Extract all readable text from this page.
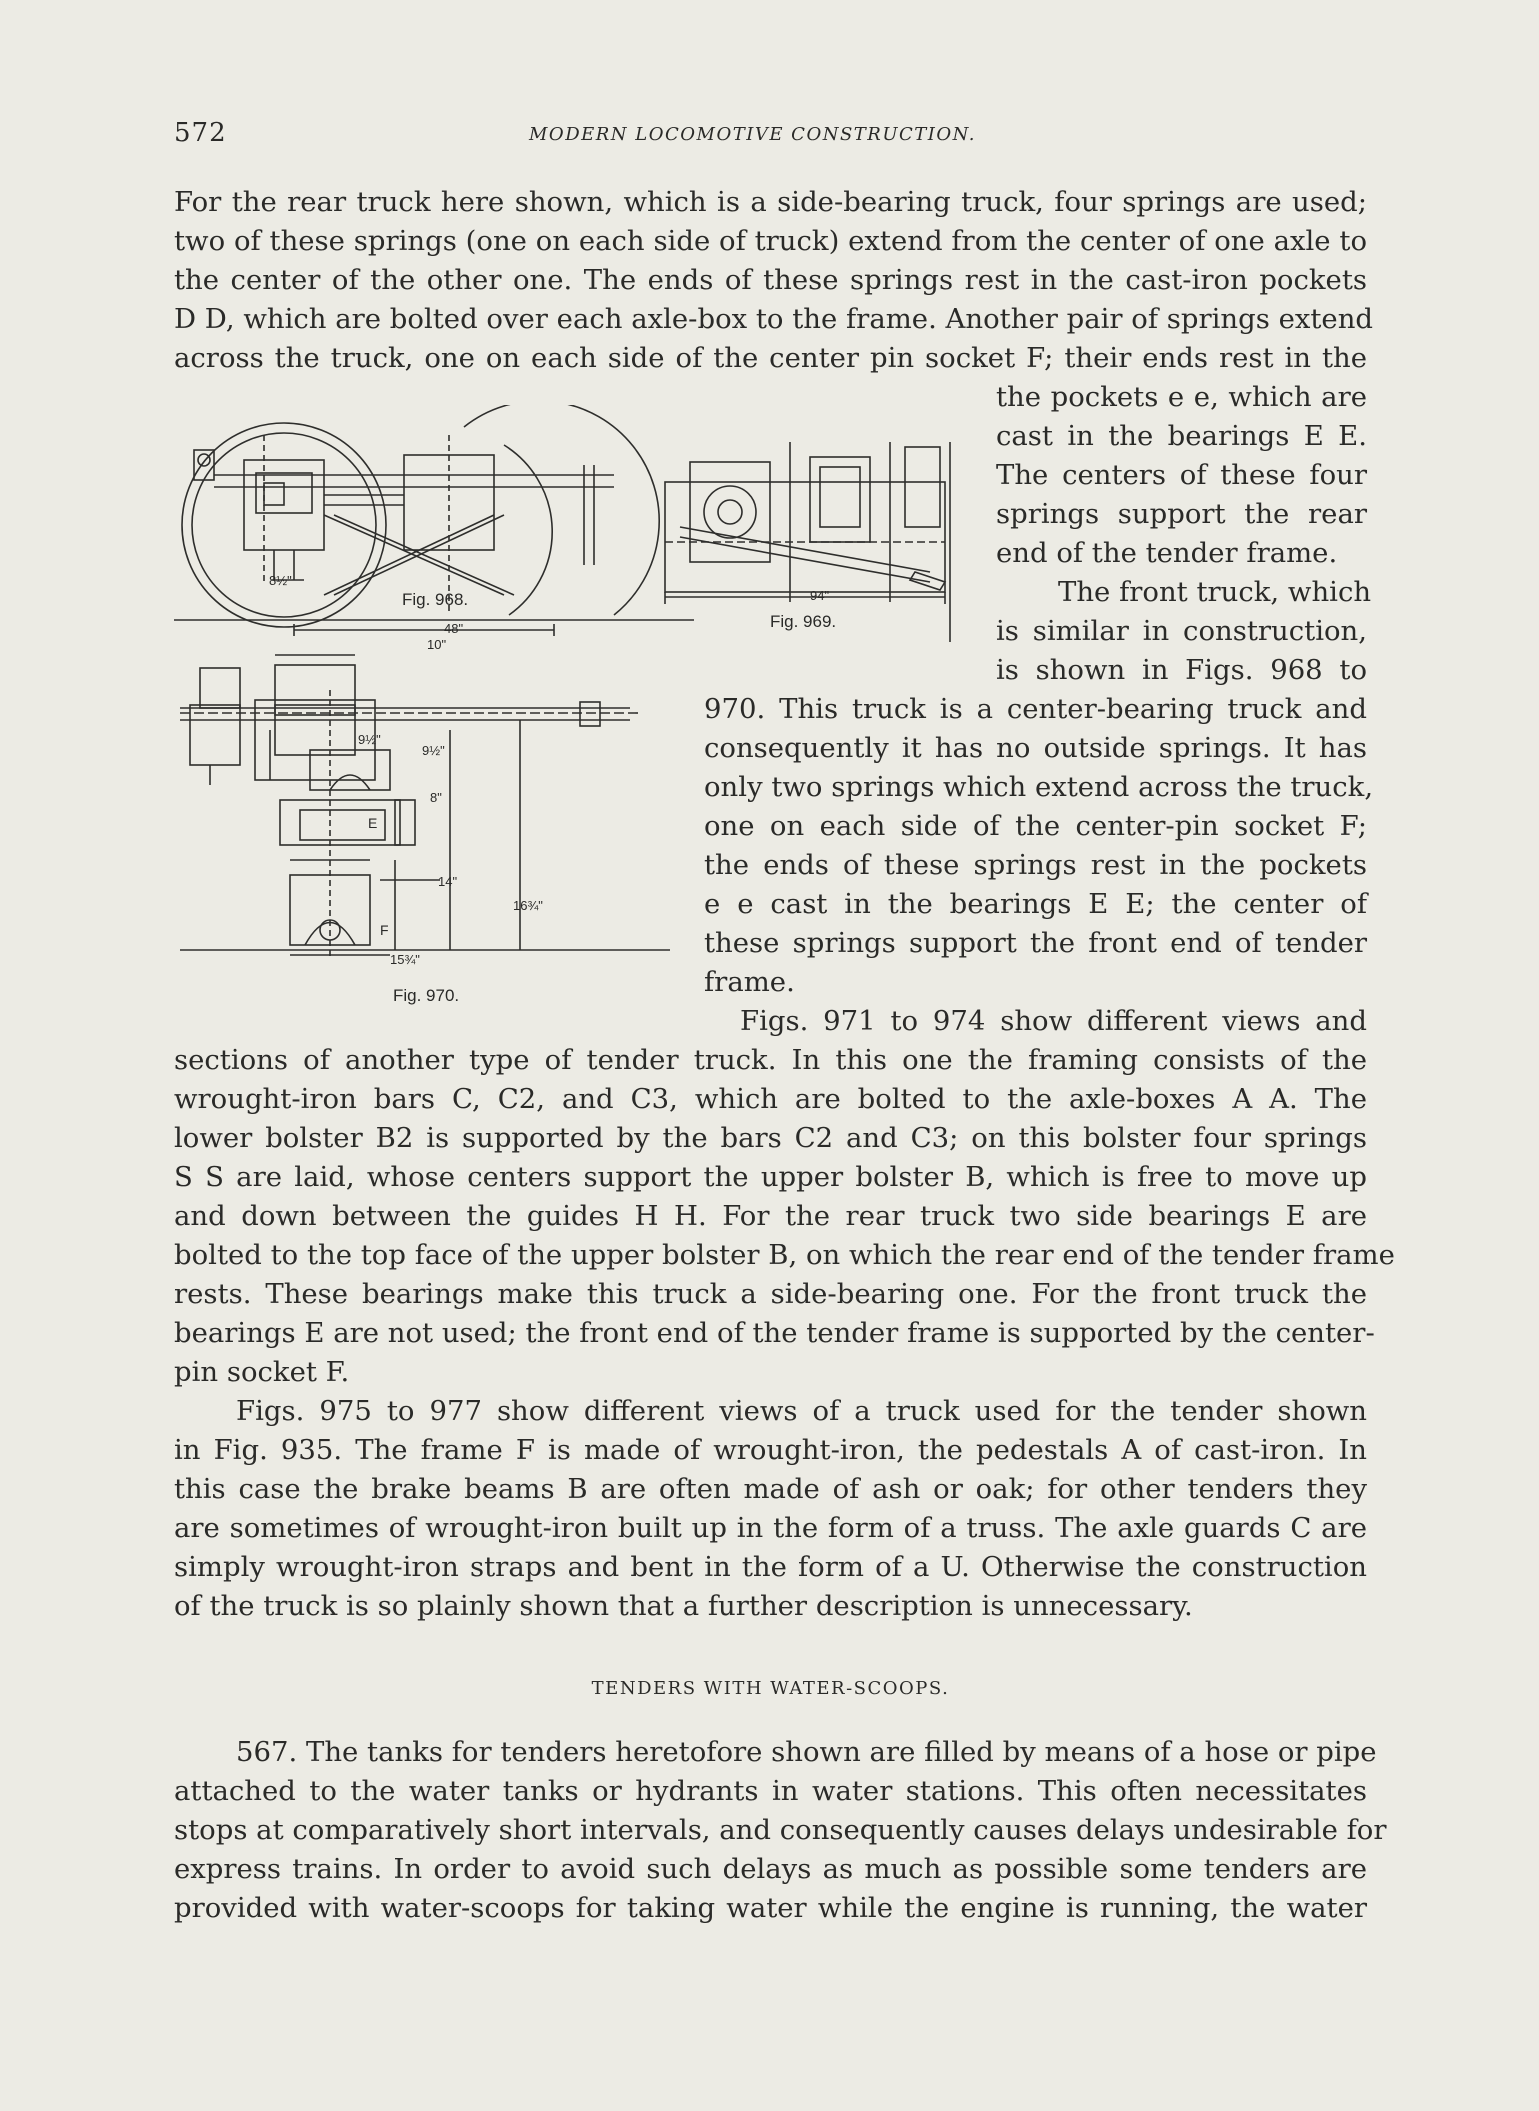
572	MODERN LOCOMOTIVE CONSTRUCTION.
For the rear truck here shown, which is a side-bearing truck, four springs are used;
two of these springs (one on each side of truck) extend from the center of one axle to
the center of the other one. The ends of these springs rest in the cast-iron pockets
D D, which are bolted over each axle-box to the frame. Another pair of springs extend
across the truck, one on each side of the center pin socket F; their ends rest in the
the pockets e e, which are
cast in the bearings E E.
The centers of these four
springs support the rear
end of the tender frame.
The front truck, which
is similar in construction,
is shown in Figs. 968 to
970. This truck is a center-bearing truck and
consequently it has no outside springs. It has
only two springs which extend across the truck,
one on each side of the center-pin socket F;
the ends of these springs rest in the pockets
e e cast in the bearings E E; the center of
these springs support the front end of tender
frame.
Figs. 971 to 974 show different views and
sections of another type of tender truck. In this one the framing consists of the
wrought-iron bars C, C2, and C3, which are bolted to the axle-boxes A A. The
lower bolster B2 is supported by the bars C2 and C3; on this bolster four springs
S S are laid, whose centers support the upper bolster B, which is free to move up
and down between the guides H H. For the rear truck two side bearings E are
bolted to the top face of the upper bolster B, on which the rear end of the tender frame
rests. These bearings make this truck a side-bearing one. For the front truck the
bearings E are not used; the front end of the tender frame is supported by the center-
pin socket F.
Figs. 975 to 977 show different views of a truck used for the tender shown
in Fig. 935. The frame F is made of wrought-iron, the pedestals A of cast-iron. In
this case the brake beams B are often made of ash or oak; for other tenders they
are sometimes of wrought-iron built up in the form of a truss. The axle guards C are
simply wrought-iron straps and bent in the form of a U. Otherwise the construction
of the truck is so plainly shown that a further description is unnecessary.
TENDERS WITH WATER-SCOOPS.
567. The tanks for tenders heretofore shown are filled by means of a hose or pipe
attached to the water tanks or hydrants in water stations. This often necessitates
stops at comparatively short intervals, and consequently causes delays undesirable for
express trains. In order to avoid such delays as much as possible some tenders are
provided with water-scoops for taking water while the engine is running, the water
Fig. 968.
8½"
48"
10"
Fig. 969.
94"
Fig. 970.
9½"
8"
14"
15¾"
9½"
16¾"
E
F
